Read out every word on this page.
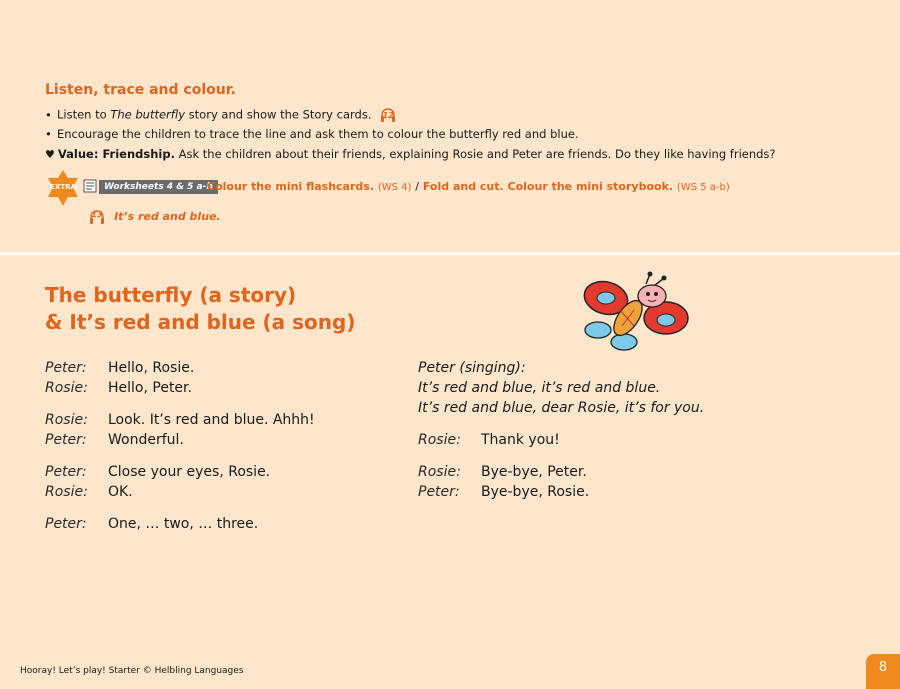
Listen, trace and colour.
• Listen to The butterfly story and show the Story cards.	12
• Encourage the children to trace the line and ask them to colour the butterfly red and blue.
♥ Value: Friendship. Ask the children about their friends, explaining Rosie and Peter are friends. Do they like having friends?
EXTRA	Worksheets 4 & 5 a-b
Colour the mini flashcards. (WS 4) / Fold and cut. Colour the mini storybook. (WS 5 a-b)
13	It’s red and blue.
The butterfly (a story)
& It’s red and blue (a song)
Peter: Hello, Rosie.
Rosie: Hello, Peter.
Rosie: Look. It’s red and blue. Ahhh!
Peter: Wonderful.
Peter: Close your eyes, Rosie.
Rosie: OK.
Peter: One, … two, … three.
Peter (singing):
It’s red and blue, it’s red and blue.
It’s red and blue, dear Rosie, it’s for you.
Rosie: Thank you!
Rosie: Bye-bye, Peter.
Peter: Bye-bye, Rosie.
Hooray! Let’s play! Starter © Helbling Languages	8
